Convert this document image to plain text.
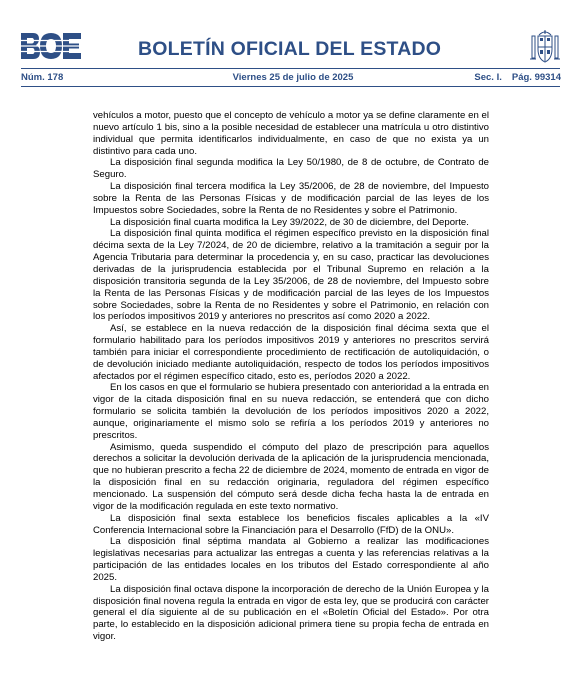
BOLETÍN OFICIAL DEL ESTADO
Núm. 178	Viernes 25 de julio de 2025	Sec. I. Pág. 99314

vehículos a motor, puesto que el concepto de vehículo a motor ya se define claramente en el nuevo artículo 1 bis, sino a la posible necesidad de establecer una matrícula u otro distintivo individual que permita identificarlos individualmente, en caso de que no exista ya un distintivo para cada uno.

La disposición final segunda modifica la Ley 50/1980, de 8 de octubre, de Contrato de Seguro.

La disposición final tercera modifica la Ley 35/2006, de 28 de noviembre, del Impuesto sobre la Renta de las Personas Físicas y de modificación parcial de las leyes de los Impuestos sobre Sociedades, sobre la Renta de no Residentes y sobre el Patrimonio.

La disposición final cuarta modifica la Ley 39/2022, de 30 de diciembre, del Deporte.

La disposición final quinta modifica el régimen específico previsto en la disposición final décima sexta de la Ley 7/2024, de 20 de diciembre, relativo a la tramitación a seguir por la Agencia Tributaria para determinar la procedencia y, en su caso, practicar las devoluciones derivadas de la jurisprudencia establecida por el Tribunal Supremo en relación a la disposición transitoria segunda de la Ley 35/2006, de 28 de noviembre, del Impuesto sobre la Renta de las Personas Físicas y de modificación parcial de las leyes de los Impuestos sobre Sociedades, sobre la Renta de no Residentes y sobre el Patrimonio, en relación con los períodos impositivos 2019 y anteriores no prescritos así como 2020 a 2022.

Así, se establece en la nueva redacción de la disposición final décima sexta que el formulario habilitado para los períodos impositivos 2019 y anteriores no prescritos servirá también para iniciar el correspondiente procedimiento de rectificación de autoliquidación, o de devolución iniciado mediante autoliquidación, respecto de todos los períodos impositivos afectados por el régimen específico citado, esto es, períodos 2020 a 2022.

En los casos en que el formulario se hubiera presentado con anterioridad a la entrada en vigor de la citada disposición final en su nueva redacción, se entenderá que con dicho formulario se solicita también la devolución de los períodos impositivos 2020 a 2022, aunque, originariamente el mismo solo se refiría a los períodos 2019 y anteriores no prescritos.

Asimismo, queda suspendido el cómputo del plazo de prescripción para aquellos derechos a solicitar la devolución derivada de la aplicación de la jurisprudencia mencionada, que no hubieran prescrito a fecha 22 de diciembre de 2024, momento de entrada en vigor de la disposición final en su redacción originaria, reguladora del régimen específico mencionado. La suspensión del cómputo será desde dicha fecha hasta la de entrada en vigor de la modificación regulada en este texto normativo.

La disposición final sexta establece los beneficios fiscales aplicables a la «IV Conferencia Internacional sobre la Financiación para el Desarrollo (FfD) de la ONU».

La disposición final séptima mandata al Gobierno a realizar las modificaciones legislativas necesarias para actualizar las entregas a cuenta y las referencias relativas a la participación de las entidades locales en los tributos del Estado correspondiente al año 2025.

La disposición final octava dispone la incorporación de derecho de la Unión Europea y la disposición final novena regula la entrada en vigor de esta ley, que se producirá con carácter general el día siguiente al de su publicación en el «Boletín Oficial del Estado». Por otra parte, lo establecido en la disposición adicional primera tiene su propia fecha de entrada en vigor.
